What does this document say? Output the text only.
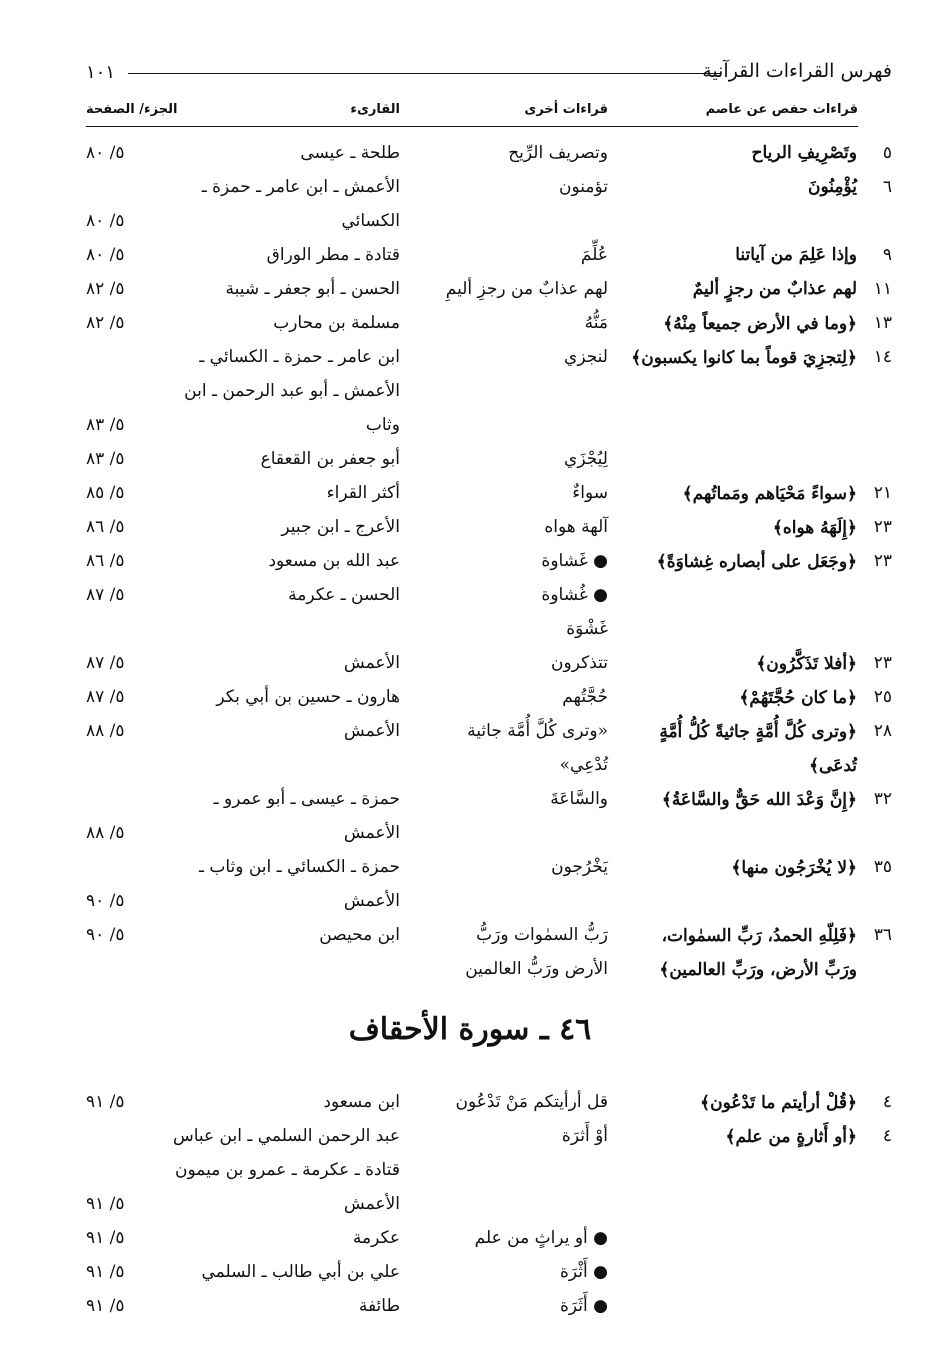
فهرس القراءات القرآنية
١٠١
قراءات حفص عن عاصم
قراءات أخرى
القارىء
الجزء/ الصفحة
٥
وتَصْرِيفِ الرياح
وتصريف الرِّيح
طلحة ـ عيسى
٥/ ٨٠
٦
يُؤْمِنُونَ
تؤمنون
الأعمش ـ ابن عامر ـ حمزة ـ
الكسائي
٥/ ٨٠
٩
وإذا عَلِمَ من آياتنا
عُلِّمَ
قتادة ـ مطر الوراق
٥/ ٨٠
١١
لهم عذابٌ من رجزٍ أليمٌ
لهم عذابٌ من رجزِ أليمِ
الحسن ـ أبو جعفر ـ شيبة
٥/ ٨٢
١٣
﴿وما في الأرض جميعاً مِنْهُ﴾
مَنُّهُ
مسلمة بن محارب
٥/ ٨٢
١٤
﴿لِتجزِيَ قوماً بما كانوا يكسبون﴾
لنجزي
ابن عامر ـ حمزة ـ الكسائي ـ
الأعمش ـ أبو عبد الرحمن ـ ابن
وثاب
٥/ ٨٣
لِيُجْزَي
أبو جعفر بن القعقاع
٥/ ٨٣
٢١
﴿سواءً مَحْيَاهم ومَماتُهم﴾
سواءٌ
أكثر القراء
٥/ ٨٥
٢٣
﴿إِلَهَهُ هواه﴾
آلهة هواه
الأعرج ـ ابن جبير
٥/ ٨٦
٢٣
﴿وجَعَل على أبصاره غِشاوَةً﴾
● غَشاوة
عبد الله بن مسعود
٥/ ٨٦
● غُشاوة
الحسن ـ عكرمة
٥/ ٨٧
غَشْوَة
٢٣
﴿أفلا تَذَكَّرُون﴾
تتذكرون
الأعمش
٥/ ٨٧
٢٥
﴿ما كان حُجَّتَهُمْ﴾
حُجَّتُهم
هارون ـ حسين بن أبي بكر
٥/ ٨٧
٢٨
﴿وترى كُلَّ أُمَّةٍ جاثيةً كُلُّ أُمَّةٍ
«وترى كُلَّ أُمَّة جاثية
الأعمش
٥/ ٨٨
تُدعَى﴾
تُدْعِي»
٣٢
﴿إِنَّ وَعْدَ الله حَقٌّ والسَّاعَةُ﴾
والسَّاعَةَ
حمزة ـ عيسى ـ أبو عمرو ـ
الأعمش
٥/ ٨٨
٣٥
﴿لا يُخْرَجُون منها﴾
يَخْرُجون
حمزة ـ الكسائي ـ ابن وثاب ـ
الأعمش
٥/ ٩٠
٣٦
﴿فَلِلّهِ الحمدُ، رَبِّ السمٰوات،
رَبُّ السمٰوات ورَبُّ
ابن محيصن
٥/ ٩٠
ورَبِّ الأرض، ورَبِّ العالمين﴾
الأرض ورَبُّ العالمين
٤٦ ـ سورة الأحقاف
٤
﴿قُلْ أرأيتم ما تَدْعُون﴾
قل أرأيتكم مَنْ تَدْعُون
ابن مسعود
٥/ ٩١
٤
﴿أو أَثارةٍ من علم﴾
أوْ أَثرَة
عبد الرحمن السلمي ـ ابن عباس
قتادة ـ عكرمة ـ عمرو بن ميمون
الأعمش
٥/ ٩١
● أو يراثٍ من علم
عكرمة
٥/ ٩١
● أَثْرَة
علي بن أبي طالب ـ السلمي
٥/ ٩١
● أَثَرَة
طائفة
٥/ ٩١
